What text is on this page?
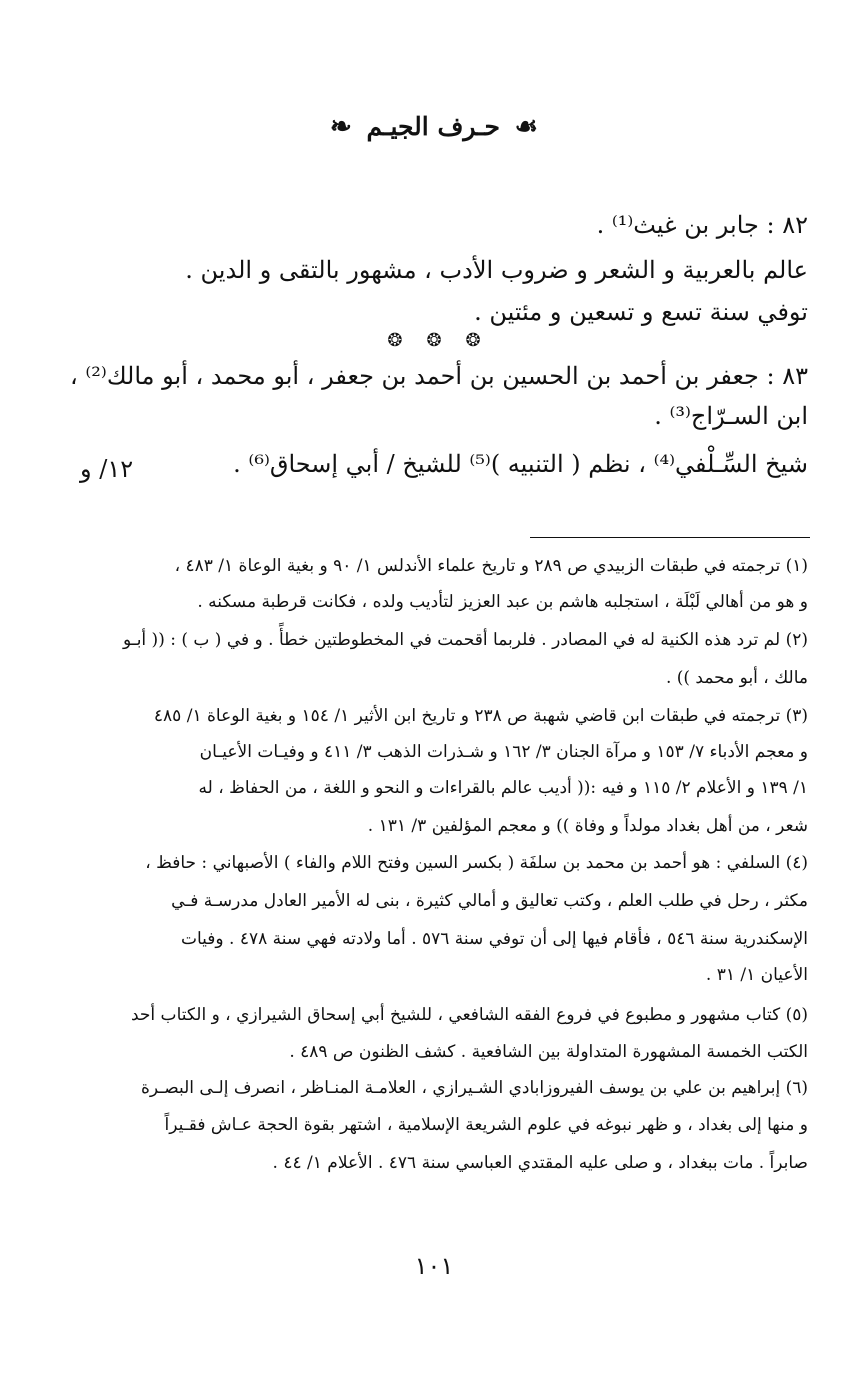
☙ حـرف الجيـم ❧
٨٢ : جابر بن غيث⁽¹⁾ .
عالم بالعربية و الشعر و ضروب الأدب ، مشهور بالتقى و الدين .
توفي سنة تسع و تسعين و مئتين .
❂❂❂
٨٣ : جعفر بن أحمد بن الحسين بن أحمد بن جعفر ، أبو محمد ، أبو مالك⁽²⁾ ،
ابن السـرّاج⁽³⁾ .
شيخ السِّـلْفي⁽⁴⁾ ، نظم ( التنبيه )⁽⁵⁾ للشيخ / أبي إسحاق⁽⁶⁾ .
١٢/ و
(١) ترجمته في طبقات الزبيدي ص ٢٨٩ و تاريخ علماء الأندلس ١/ ٩٠ و بغية الوعاة ١/ ٤٨٣ ،
و هو من أهالي لَبْلَة ، استجلبه هاشم بن عبد العزيز لتأديب ولده ، فكانت قرطبة مسكنه .
(٢) لم ترد هذه الكنية له في المصادر . فلربما أقحمت في المخطوطتين خطأً . و في ( ب ) : (( أبـو
مالك ، أبو محمد )) .
(٣) ترجمته في طبقات ابن قاضي شهبة ص ٢٣٨ و تاريخ ابن الأثير ١/ ١٥٤ و بغية الوعاة ١/ ٤٨٥
و معجم الأدباء ٧/ ١٥٣ و مرآة الجنان ٣/ ١٦٢ و شـذرات الذهب ٣/ ٤١١ و وفيـات الأعيـان
١/ ١٣٩ و الأعلام ٢/ ١١٥ و فيه :(( أديب عالم بالقراءات و النحو و اللغة ، من الحفاظ ، له
شعر ، من أهل بغداد مولداً و وفاة )) و معجم المؤلفين ٣/ ١٣١ .
(٤) السلفي : هو أحمد بن محمد بن سلفَة ( بكسر السين وفتح اللام والفاء ) الأصبهاني : حافظ ،
مكثر ، رحل في طلب العلم ، وكتب تعاليق و أمالي كثيرة ، بنى له الأمير العادل مدرسـة فـي
الإسكندرية سنة ٥٤٦ ، فأقام فيها إلى أن توفي سنة ٥٧٦ . أما ولادته فهي سنة ٤٧٨ . وفيات
الأعيان ١/ ٣١ .
(٥) كتاب مشهور و مطبوع في فروع الفقه الشافعي ، للشيخ أبي إسحاق الشيرازي ، و الكتاب أحد
الكتب الخمسة المشهورة المتداولة بين الشافعية . كشف الظنون ص ٤٨٩ .
(٦) إبراهيم بن علي بن يوسف الفيروزابادي الشـيرازي ، العلامـة المنـاظر ، انصرف إلـى البصـرة
و منها إلى بغداد ، و ظهر نبوغه في علوم الشريعة الإسلامية ، اشتهر بقوة الحجة عـاش فقـيراً
صابراً . مات ببغداد ، و صلى عليه المقتدي العباسي سنة ٤٧٦ . الأعلام ١/ ٤٤ .
١٠١
